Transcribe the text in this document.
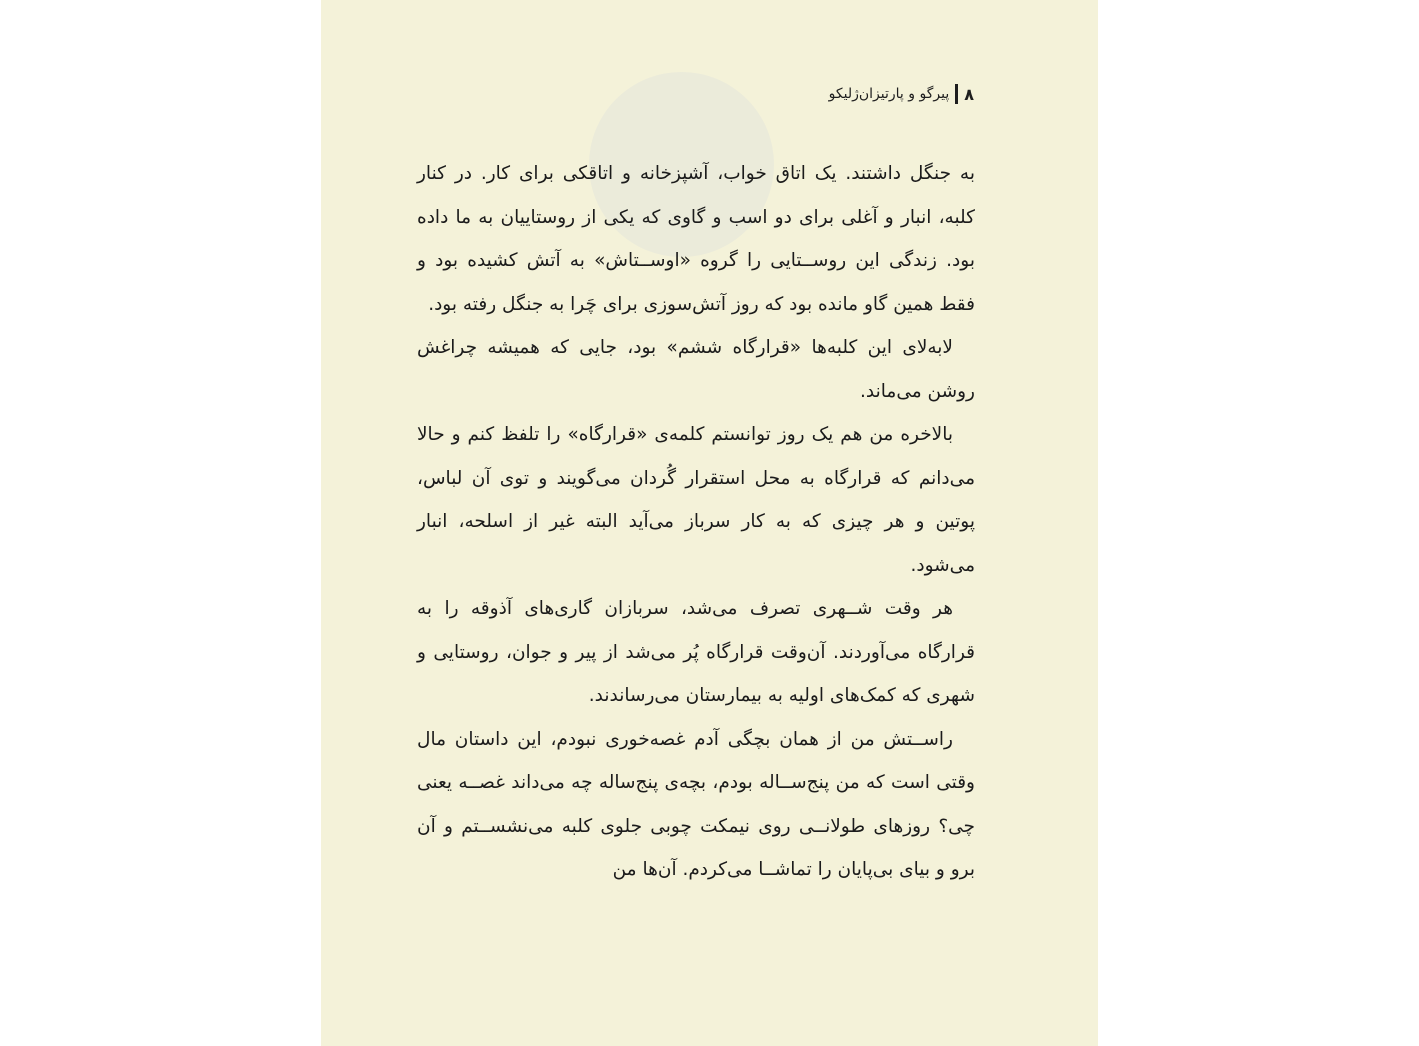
۸
پیرگو و پارتیزان‌ژلیکو

به جنگل داشتند. یک اتاق خواب، آشپزخانه و اتاقکی برای کار. در کنار کلبه، انبار و آغلی برای دو اسب و گاوی که یکی از روستاییان به ما داده بود. زندگی این روســتایی را گروه «اوســتاش» به آتش کشیده بود و فقط همین گاو مانده بود که روز آتش‌سوزی برای چَرا به جنگل رفته بود.

لابه‌لای این کلبه‌ها «قرارگاه ششم» بود، جایی که همیشه چراغش روشن می‌ماند.

بالاخره من هم یک روز توانستم کلمه‌ی «قرارگاه» را تلفظ کنم و حالا می‌دانم که قرارگاه به محل استقرار گُردان می‌گویند و توی آن لباس، پوتین و هر چیزی که به کار سرباز می‌آید البته غیر از اسلحه، انبار می‌شود.

هر وقت شــهری تصرف می‌شد، سربازان گاری‌های آذوقه را به قرارگاه می‌آوردند. آن‌وقت قرارگاه پُر می‌شد از پیر و جوان، روستایی و شهری که کمک‌های اولیه به بیمارستان می‌رساندند.

راســتش من از همان بچگی آدم غصه‌خوری نبودم، این داستان مال وقتی است که من پنج‌ســاله بودم، بچه‌ی پنج‌ساله چه می‌داند غصــه یعنی چی؟ روزهای طولانــی روی نیمکت چوبی جلوی کلبه می‌نشســتم و آن برو و بیای بی‌پایان را تماشــا می‌کردم. آن‌ها من
